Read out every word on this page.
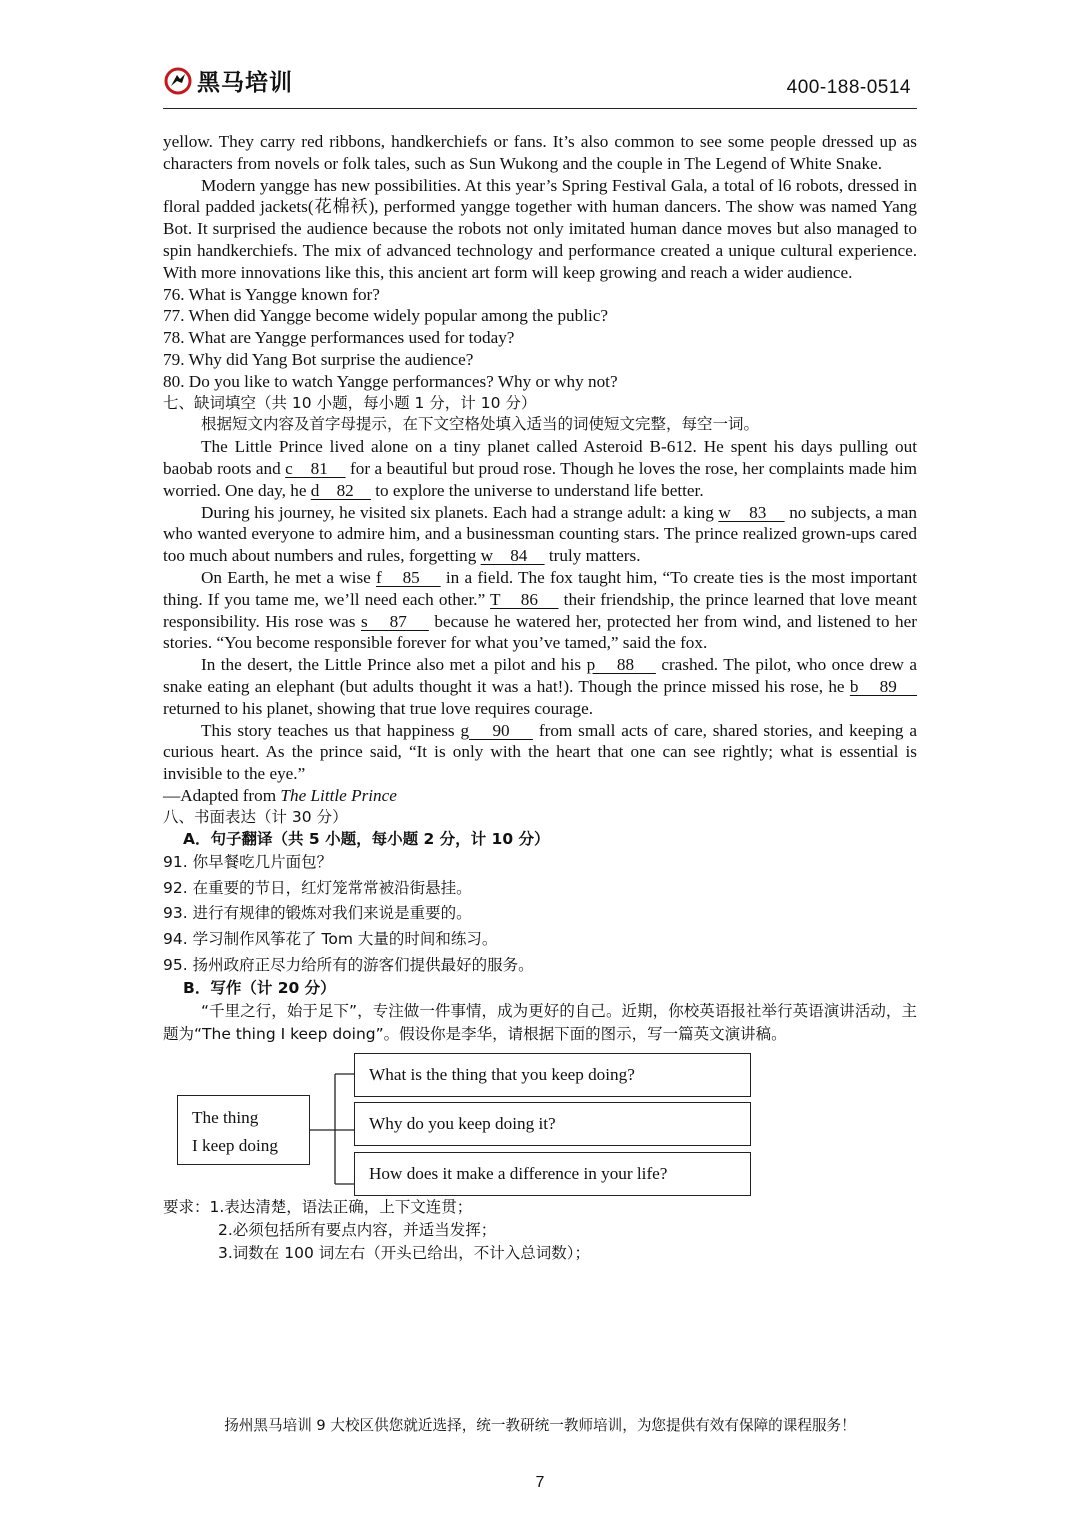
黑马培训	400-188-0514

yellow. They carry red ribbons, handkerchiefs or fans. It’s also common to see some people dressed up as characters from novels or folk tales, such as Sun Wukong and the couple in The Legend of White Snake.

Modern yangge has new possibilities. At this year’s Spring Festival Gala, a total of l6 robots, dressed in floral padded jackets(花棉袄), performed yangge together with human dancers. The show was named Yang Bot. It surprised the audience because the robots not only imitated human dance moves but also managed to spin handkerchiefs. The mix of advanced technology and performance created a unique cultural experience. With more innovations like this, this ancient art form will keep growing and reach a wider audience.

76. What is Yangge known for?

77. When did Yangge become widely popular among the public?

78. What are Yangge performances used for today?

79. Why did Yang Bot surprise the audience?

80. Do you like to watch Yangge performances? Why or why not?

七、缺词填空（共 10 小题，每小题 1 分，计 10 分）

根据短文内容及首字母提示，在下文空格处填入适当的词使短文完整，每空一词。

The Little Prince lived alone on a tiny planet called Asteroid B-612. He spent his days pulling out baobab roots and c    81     for a beautiful but proud rose. Though he loves the rose, her complaints made him worried. One day, he d    82     to explore the universe to understand life better.

During his journey, he visited six planets. Each had a strange adult: a king w    83     no subjects, a man who wanted everyone to admire him, and a businessman counting stars. The prince realized grown-ups cared too much about numbers and rules, forgetting w    84     truly matters.

On Earth, he met a wise f    85     in a field. The fox taught him, “To create ties is the most important thing. If you tame me, we’ll need each other.” T    86     their friendship, the prince learned that love meant responsibility. His rose was s    87     because he watered her, protected her from wind, and listened to her stories. “You become responsible forever for what you’ve tamed,” said the fox.

In the desert, the Little Prince also met a pilot and his p    88     crashed. The pilot, who once drew a snake eating an elephant (but adults thought it was a hat!). Though the prince missed his rose, he b    89     returned to his planet, showing that true love requires courage.

This story teaches us that happiness g    90     from small acts of care, shared stories, and keeping a curious heart. As the prince said, “It is only with the heart that one can see rightly; what is essential is invisible to the eye.”

—Adapted from The Little Prince

八、书面表达（计 30 分）

A．句子翻译（共 5 小题，每小题 2 分，计 10 分）

91. 你早餐吃几片面包？

92. 在重要的节日，红灯笼常常被沿街悬挂。

93. 进行有规律的锻炼对我们来说是重要的。

94. 学习制作风筝花了 Tom 大量的时间和练习。

95. 扬州政府正尽力给所有的游客们提供最好的服务。

B．写作（计 20 分）

“千里之行，始于足下”，专注做一件事情，成为更好的自己。近期，你校英语报社举行英语演讲活动，主题为“The thing I keep doing”。假设你是李华，请根据下面的图示，写一篇英文演讲稿。

The thing
I keep doing
What is the thing that you keep doing?
Why do you keep doing it?
How does it make a difference in your life?
要求：1.表达清楚，语法正确，上下文连贯；
2.必须包括所有要点内容，并适当发挥；
3.词数在 100 词左右（开头已给出，不计入总词数）；
扬州黑马培训 9 大校区供您就近选择，统一教研统一教师培训，为您提供有效有保障的课程服务！
7
